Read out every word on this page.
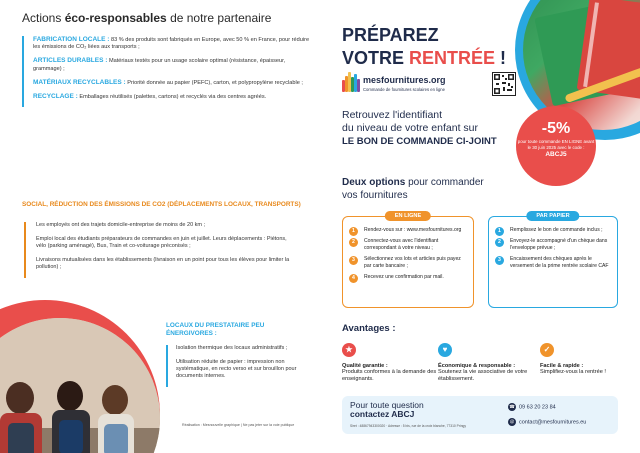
Actions éco-responsables de notre partenaire
FABRICATION LOCALE : 83 % des produits sont fabriqués en Europe, avec 50 % en France, pour réduire les émissions de CO₂ liées aux transports ;
ARTICLES DURABLES : Matériaux testés pour un usage scolaire optimal (résistance, épaisseur, grammage) ;
MATÉRIAUX RECYCLABLES : Priorité donnée au papier (PEFC), carton, et polypropylène recyclable ;
RECYCLAGE : Emballages réutilisés (palettes, cartons) et recyclés via des centres agréés.
SOCIAL, RÉDUCTION DES ÉMISSIONS DE CO2 (DÉPLACEMENTS LOCAUX, TRANSPORTS)
Les employés ont des trajets domicile-entreprise de moins de 20 km ;
Emploi local des étudiants préparateurs de commandes en juin et juillet. Leurs déplacements : Piétons, vélo (parking aménagé), Bus, Train et co-voiturage préconisés ;
Livraisons mutualisées dans les établissements (livraison en un point pour tous les élèves pour limiter la pollution) ;
LOCAUX DU PRESTATAIRE PEU ÉNERGIVORES :
Isolation thermique des locaux administratifs ;
Utilisation réduite de papier : impression non systématique, en recto verso et sur brouillon pour documents internes.
Réalisation : Mesnouvelle graphique | Ne pas jeter sur la voie publique
PRÉPAREZ
VOTRE RENTRÉE !
mesfournitures.org
Commande de fournitures scolaires en ligne
Retrouvez l'identifiant
du niveau de votre enfant sur
LE BON DE COMMANDE CI-JOINT
-5%
pour toute commande EN LIGNE avant le 30 juin 2025 avec le code :
ABCJ5
Deux options pour commander
vos fournitures
EN LIGNE
1	Rendez-vous sur : www.mesfournitures.org
2	Connectez-vous avec l'identifiant correspondant à votre niveau ;
3	Sélectionnez vos lots et articles puis payez par carte bancaire ;
4	Recevez une confirmation par mail.
PAR PAPIER
1	Remplissez le bon de commande inclus ;
2	Envoyez-le accompagné d'un chèque dans l'enveloppe prévue ;
3	Encaissement des chèques après le versement de la prime rentrée scolaire CAF
Avantages :
★
Qualité garantie :
Produits conformes à la demande des enseignants.
♥
Économique & responsable :
Soutenez la vie associative de votre établissement.
✓
Facile & rapide :
Simplifiez-vous la rentrée !
Pour toute question
contactez ABCJ
Siret : 48867943300020 · Adresse : 5 bis, rue de la croix blanche, 77310 Pringy
☎ 09 63 20 23 84
@ contact@mesfournitures.eu
